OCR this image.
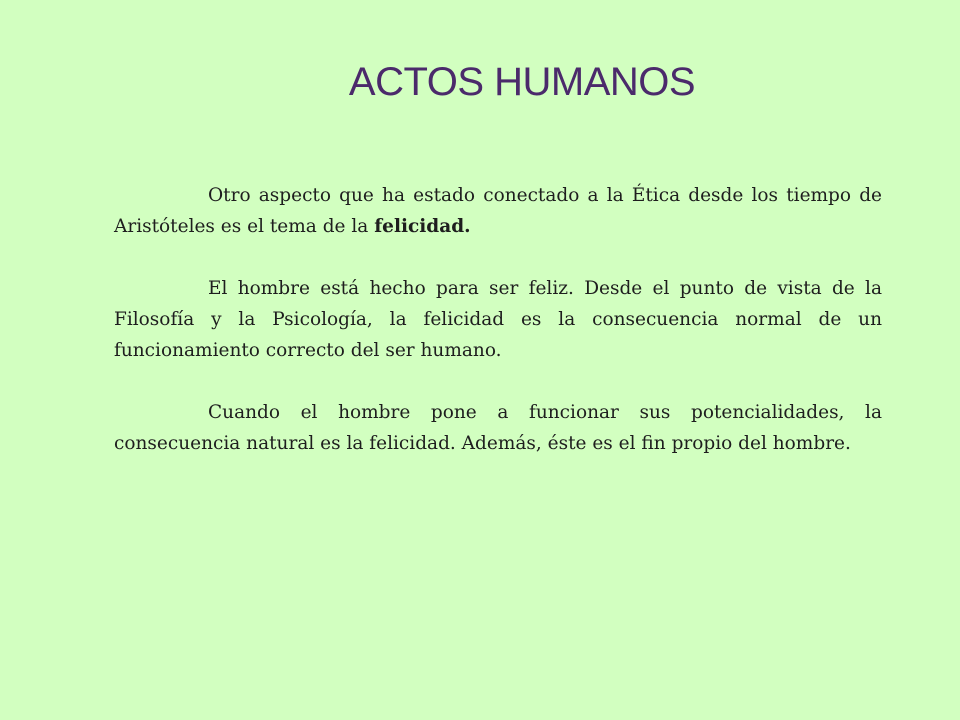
ACTOS HUMANOS

Otro aspecto que ha estado conectado a la Ética desde los tiempo de Aristóteles es el tema de la felicidad.

El hombre está hecho para ser feliz. Desde el punto de vista de la Filosofía y la Psicología, la felicidad es la consecuencia normal de un funcionamiento correcto del ser humano.

Cuando el hombre pone a funcionar sus potencialidades, la consecuencia natural es la felicidad. Además, éste es el fin propio del hombre.
